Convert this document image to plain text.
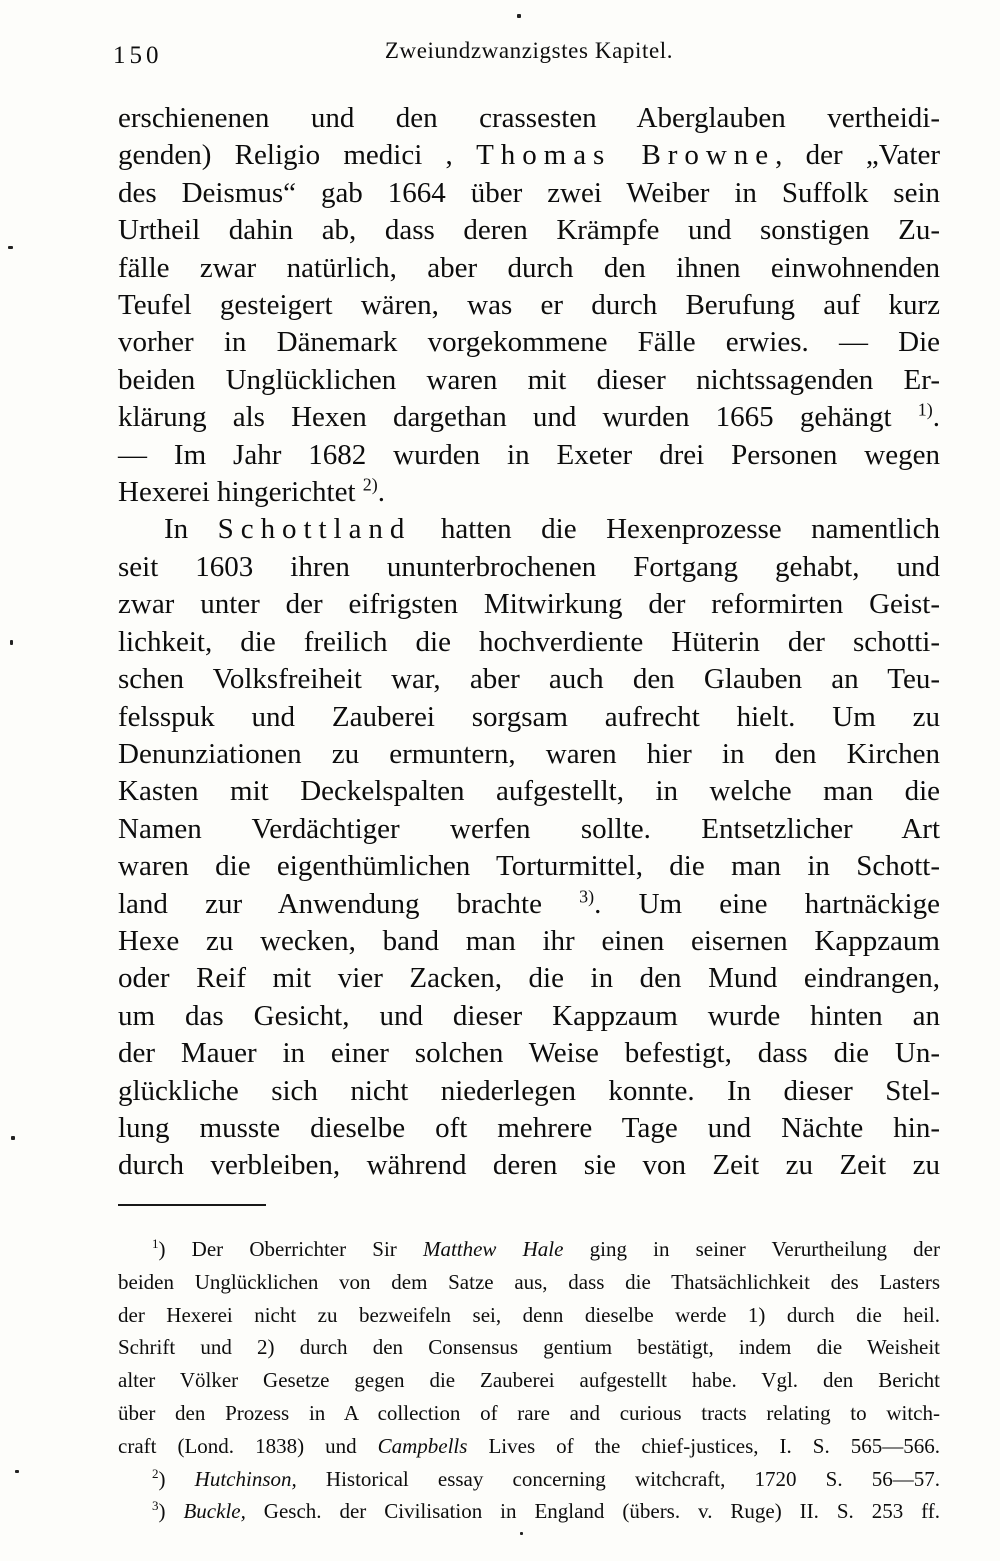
150	Zweiundzwanzigstes Kapitel.
erschienenen und den crassesten Aberglauben vertheidi-
genden) Religio medici , Thomas Browne, der „Vater
des Deismus“ gab 1664 über zwei Weiber in Suffolk sein
Urtheil dahin ab, dass deren Krämpfe und sonstigen Zu-
fälle zwar natürlich, aber durch den ihnen einwohnenden
Teufel gesteigert wären, was er durch Berufung auf kurz
vorher in Dänemark vorgekommene Fälle erwies. — Die
beiden Unglücklichen waren mit dieser nichtssagenden Er-
klärung als Hexen dargethan und wurden 1665 gehängt $^{1)}$.
— Im Jahr 1682 wurden in Exeter drei Personen wegen
Hexerei hingerichtet $^{2)}$.
In Schottland hatten die Hexenprozesse namentlich
seit 1603 ihren ununterbrochenen Fortgang gehabt, und
zwar unter der eifrigsten Mitwirkung der reformirten Geist-
lichkeit, die freilich die hochverdiente Hüterin der schotti-
schen Volksfreiheit war, aber auch den Glauben an Teu-
felsspuk und Zauberei sorgsam aufrecht hielt. Um zu
Denunziationen zu ermuntern, waren hier in den Kirchen
Kasten mit Deckelspalten aufgestellt, in welche man die
Namen Verdächtiger werfen sollte. Entsetzlicher Art
waren die eigenthümlichen Torturmittel, die man in Schott-
land zur Anwendung brachte $^{3)}$. Um eine hartnäckige
Hexe zu wecken, band man ihr einen eisernen Kappzaum
oder Reif mit vier Zacken, die in den Mund eindrangen,
um das Gesicht, und dieser Kappzaum wurde hinten an
der Mauer in einer solchen Weise befestigt, dass die Un-
glückliche sich nicht niederlegen konnte. In dieser Stel-
lung musste dieselbe oft mehrere Tage und Nächte hin-
durch verbleiben, während deren sie von Zeit zu Zeit zu
$^1$) Der Oberrichter Sir Matthew Hale ging in seiner Verurtheilung der
beiden Unglücklichen von dem Satze aus, dass die Thatsächlichkeit des Lasters
der Hexerei nicht zu bezweifeln sei, denn dieselbe werde 1) durch die heil.
Schrift und 2) durch den Consensus gentium bestätigt, indem die Weisheit
alter Völker Gesetze gegen die Zauberei aufgestellt habe. Vgl. den Bericht
über den Prozess in A collection of rare and curious tracts relating to witch-
craft (Lond. 1838) und Campbells Lives of the chief-justices, I. S. 565—566.
$^2$) Hutchinson, Historical essay concerning witchcraft, 1720 S. 56—57.
$^3$) Buckle, Gesch. der Civilisation in England (übers. v. Ruge) II. S. 253 ff.
